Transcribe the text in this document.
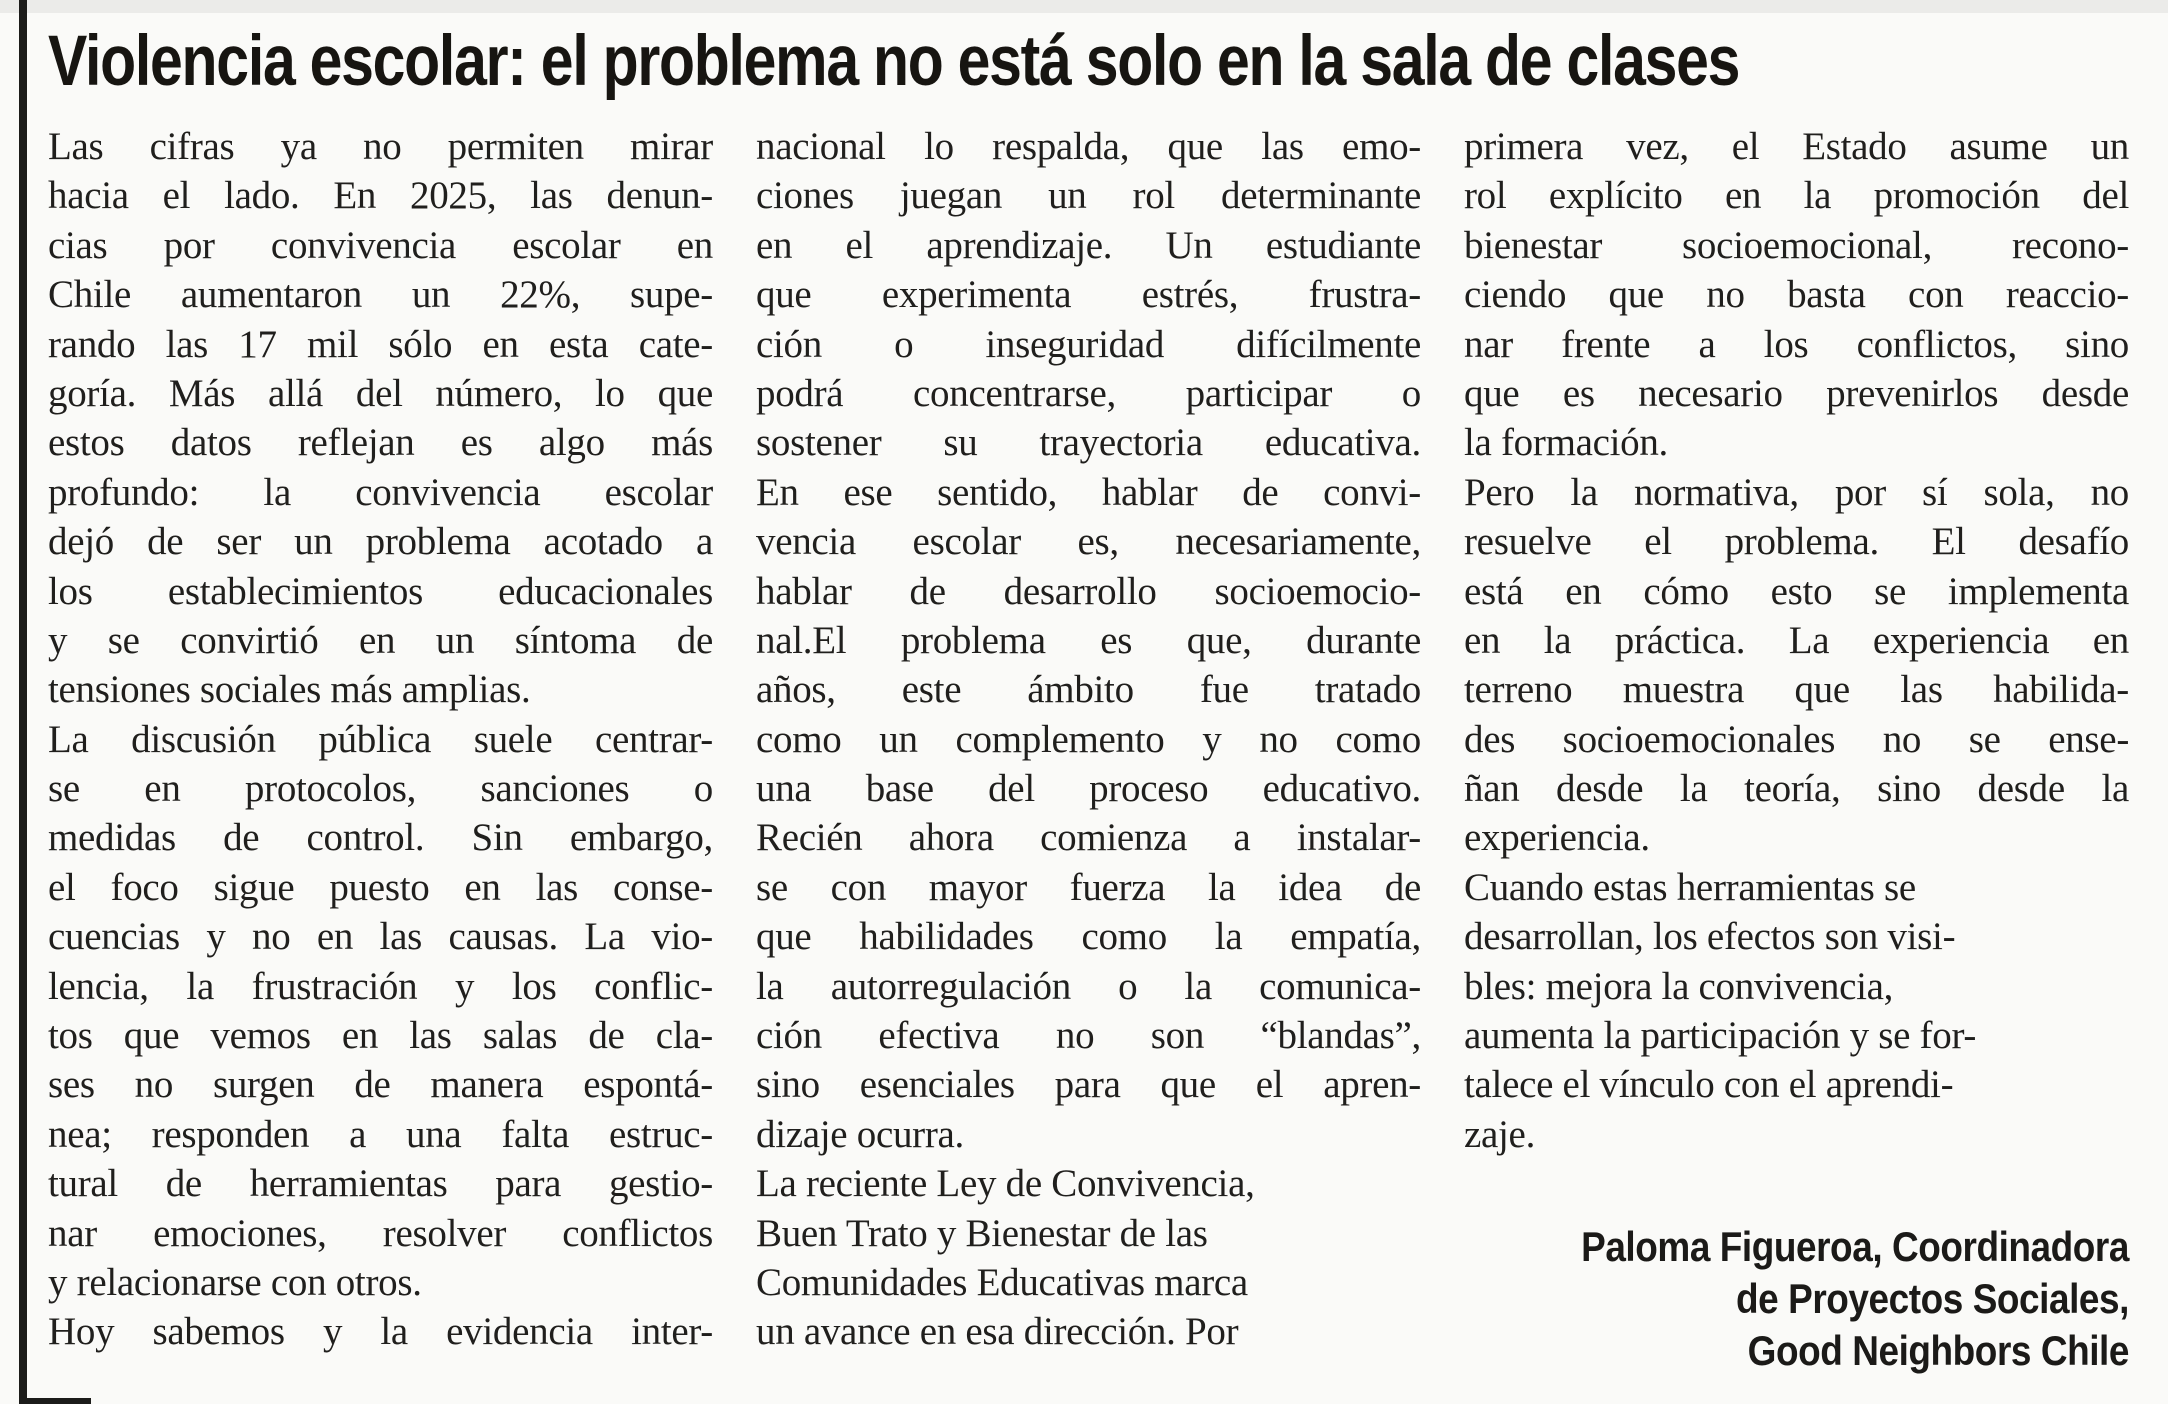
Violencia escolar: el problema no está solo en la sala de clases
Las cifras ya no permiten mirar
hacia el lado. En 2025, las denun-
cias por convivencia escolar en
Chile aumentaron un 22%, supe-
rando las 17 mil sólo en esta cate-
goría. Más allá del número, lo que
estos datos reflejan es algo más
profundo: la convivencia escolar
dejó de ser un problema acotado a
los establecimientos educacionales
y se convirtió en un síntoma de
tensiones sociales más amplias.
La discusión pública suele centrar-
se en protocolos, sanciones o
medidas de control. Sin embargo,
el foco sigue puesto en las conse-
cuencias y no en las causas. La vio-
lencia, la frustración y los conflic-
tos que vemos en las salas de cla-
ses no surgen de manera espontá-
nea; responden a una falta estruc-
tural de herramientas para gestio-
nar emociones, resolver conflictos
y relacionarse con otros.
Hoy sabemos y la evidencia inter-
nacional lo respalda, que las emo-
ciones juegan un rol determinante
en el aprendizaje. Un estudiante
que experimenta estrés, frustra-
ción o inseguridad difícilmente
podrá concentrarse, participar o
sostener su trayectoria educativa.
En ese sentido, hablar de convi-
vencia escolar es, necesariamente,
hablar de desarrollo socioemocio-
nal.El problema es que, durante
años, este ámbito fue tratado
como un complemento y no como
una base del proceso educativo.
Recién ahora comienza a instalar-
se con mayor fuerza la idea de
que habilidades como la empatía,
la autorregulación o la comunica-
ción efectiva no son “blandas”,
sino esenciales para que el apren-
dizaje ocurra.
La reciente Ley de Convivencia,
Buen Trato y Bienestar de las
Comunidades Educativas marca
un avance en esa dirección. Por
primera vez, el Estado asume un
rol explícito en la promoción del
bienestar socioemocional, recono-
ciendo que no basta con reaccio-
nar frente a los conflictos, sino
que es necesario prevenirlos desde
la formación.
Pero la normativa, por sí sola, no
resuelve el problema. El desafío
está en cómo esto se implementa
en la práctica. La experiencia en
terreno muestra que las habilida-
des socioemocionales no se ense-
ñan desde la teoría, sino desde la
experiencia.
Cuando estas herramientas se
desarrollan, los efectos son visi-
bles: mejora la convivencia,
aumenta la participación y se for-
talece el vínculo con el aprendi-
zaje.
Paloma Figueroa, Coordinadora
de Proyectos Sociales,
Good Neighbors Chile
